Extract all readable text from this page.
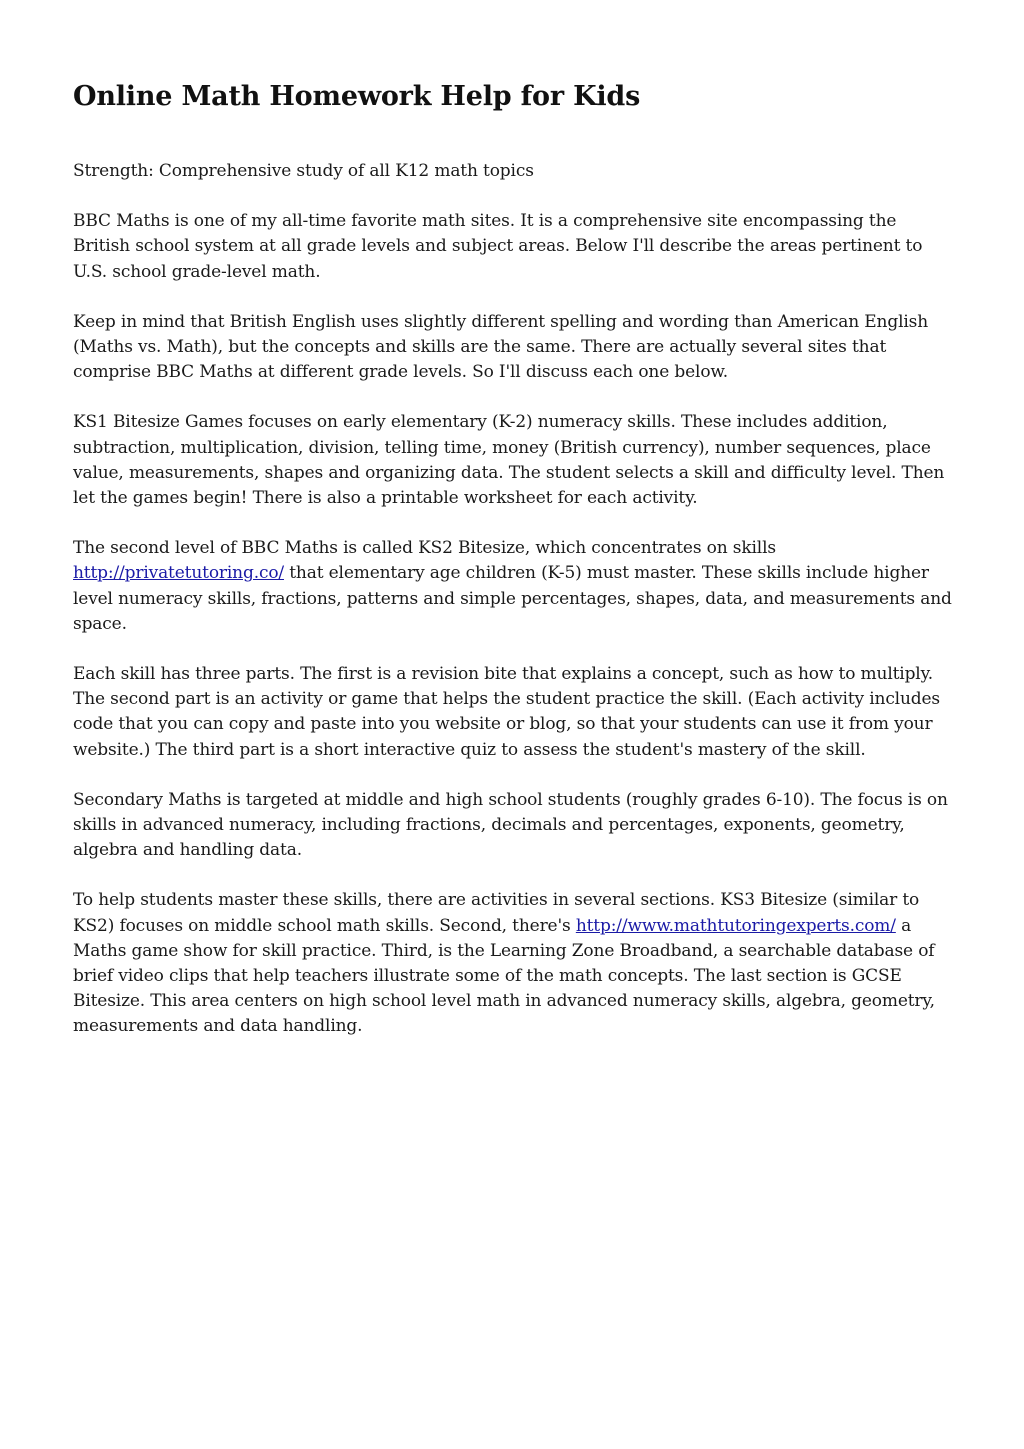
Online Math Homework Help for Kids

Strength: Comprehensive study of all K12 math topics

BBC Maths is one of my all-time favorite math sites. It is a comprehensive site encompassing the British school system at all grade levels and subject areas. Below I'll describe the areas pertinent to U.S. school grade-level math.

Keep in mind that British English uses slightly different spelling and wording than American English (Maths vs. Math), but the concepts and skills are the same. There are actually several sites that comprise BBC Maths at different grade levels. So I'll discuss each one below.

KS1 Bitesize Games focuses on early elementary (K-2) numeracy skills. These includes addition, subtraction, multiplication, division, telling time, money (British currency), number sequences, place value, measurements, shapes and organizing data. The student selects a skill and difficulty level. Then let the games begin! There is also a printable worksheet for each activity.

The second level of BBC Maths is called KS2 Bitesize, which concentrates on skills http://privatetutoring.co/ that elementary age children (K-5) must master. These skills include higher level numeracy skills, fractions, patterns and simple percentages, shapes, data, and measurements and space.

Each skill has three parts. The first is a revision bite that explains a concept, such as how to multiply. The second part is an activity or game that helps the student practice the skill. (Each activity includes code that you can copy and paste into you website or blog, so that your students can use it from your website.) The third part is a short interactive quiz to assess the student's mastery of the skill.

Secondary Maths is targeted at middle and high school students (roughly grades 6-10). The focus is on skills in advanced numeracy, including fractions, decimals and percentages, exponents, geometry, algebra and handling data.

To help students master these skills, there are activities in several sections. KS3 Bitesize (similar to KS2) focuses on middle school math skills. Second, there's http://www.mathtutoringexperts.com/ a Maths game show for skill practice. Third, is the Learning Zone Broadband, a searchable database of brief video clips that help teachers illustrate some of the math concepts. The last section is GCSE Bitesize. This area centers on high school level math in advanced numeracy skills, algebra, geometry, measurements and data handling.
